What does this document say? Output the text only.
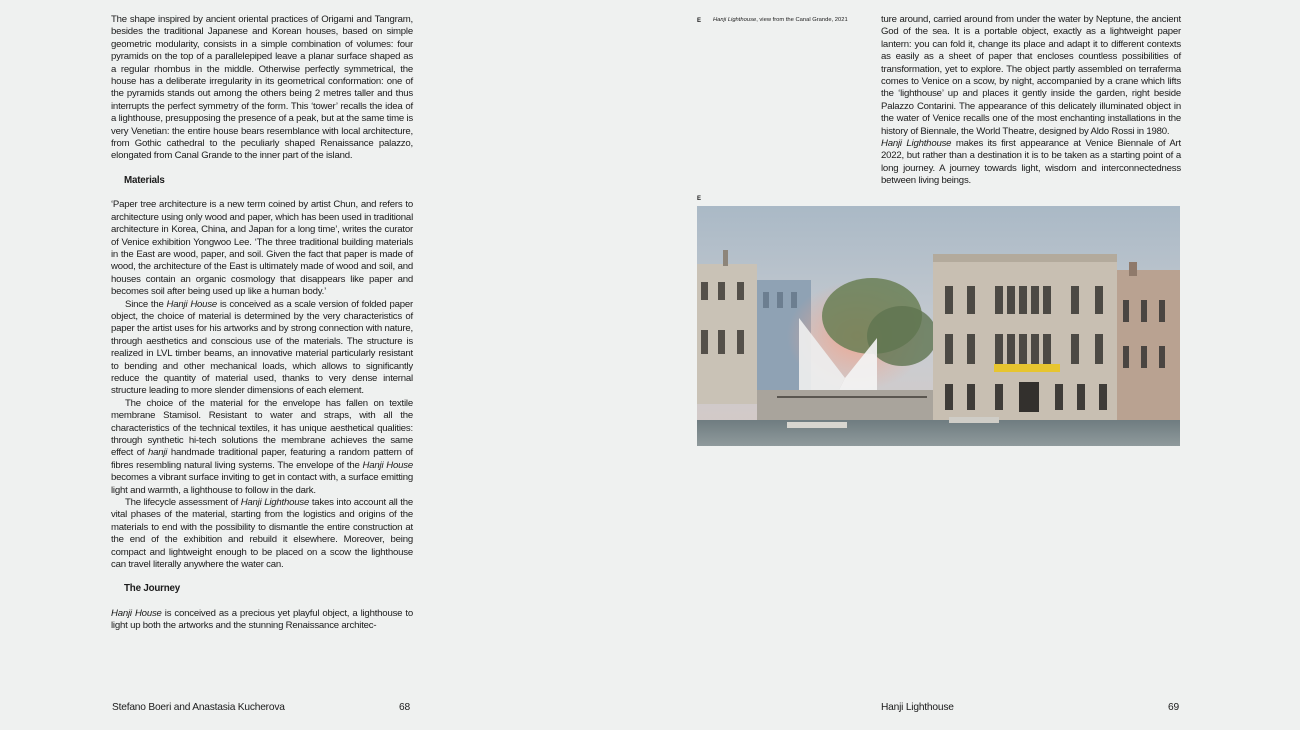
The shape inspired by ancient oriental practices of Origami and Tangram, besides the traditional Japanese and Korean houses, based on simple geometric modularity, consists in a simple combination of volumes: four pyramids on the top of a parallelepiped leave a planar surface shaped as a regular rhombus in the middle. Otherwise perfectly symmetrical, the house has a deliberate irregularity in its geometrical conformation: one of the pyramids stands out among the others being 2 metres taller and thus interrupts the perfect symmetry of the form. This ‘tower’ recalls the idea of a lighthouse, presupposing the presence of a peak, but at the same time is very Venetian: the entire house bears resemblance with local architecture, from Gothic cathedral to the peculiarly shaped Renaissance palazzo, elongated from Canal Grande to the inner part of the island.

Materials

‘Paper tree architecture is a new term coined by artist Chun, and refers to architecture using only wood and paper, which has been used in traditional architecture in Korea, China, and Japan for a long time’, writes the curator of Venice exhibition Yongwoo Lee. ‘The three traditional building materials in the East are wood, paper, and soil. Given the fact that paper is made of wood, the architecture of the East is ultimately made of wood and soil, and houses contain an organic cosmology that disappears like paper and becomes soil after being used up like a human body.’

Since the Hanji House is conceived as a scale version of folded paper object, the choice of material is determined by the very characteristics of paper the artist uses for his artworks and by strong connection with nature, through aesthetics and conscious use of the materials. The structure is realized in LVL timber beams, an innovative material particularly resistant to bending and other mechanical loads, which allows to significantly reduce the quantity of material used, thanks to very dense internal structure leading to more slender dimensions of each element.

The choice of the material for the envelope has fallen on textile membrane Stamisol. Resistant to water and straps, with all the characteristics of the technical textiles, it has unique aesthetical qualities: through synthetic hi-tech solutions the membrane achieves the same effect of hanji handmade traditional paper, featuring a random pattern of fibres resembling natural living systems. The envelope of the Hanji House becomes a vibrant surface inviting to get in contact with, a surface emitting light and warmth, a lighthouse to follow in the dark.

The lifecycle assessment of Hanji Lighthouse takes into account all the vital phases of the material, starting from the logistics and origins of the materials to end with the possibility to dismantle the entire construction at the end of the exhibition and rebuild it elsewhere. Moreover, being compact and lightweight enough to be placed on a scow the lighthouse can travel literally anywhere the water can.

The Journey

Hanji House is conceived as a precious yet playful object, a lighthouse to light up both the artworks and the stunning Renaissance architec-

Stefano Boeri and Anastasia Kucherova	68
E Hanji Lighthouse, view from the Canal Grande, 2021	ture around, carried around from under the water by Neptune, the ancient God of the sea. It is a portable object, exactly as a lightweight paper lantern: you can fold it, change its place and adapt it to different contexts as easily as a sheet of paper that encloses countless possibilities of transformation, yet to explore. The object partly assembled on terraferma comes to Venice on a scow, by night, accompanied by a crane which lifts the ‘lighthouse’ up and places it gently inside the garden, right beside Palazzo Contarini. The appearance of this delicately illuminated object in the water of Venice recalls one of the most enchanting installations in the history of Biennale, the World Theatre, designed by Aldo Rossi in 1980.

Hanji Lighthouse makes its first appearance at Venice Biennale of Art 2022, but rather than a destination it is to be taken as a starting point of a long journey. A journey towards light, wisdom and interconnectedness between living beings.

E
Hanji Lighthouse	69
